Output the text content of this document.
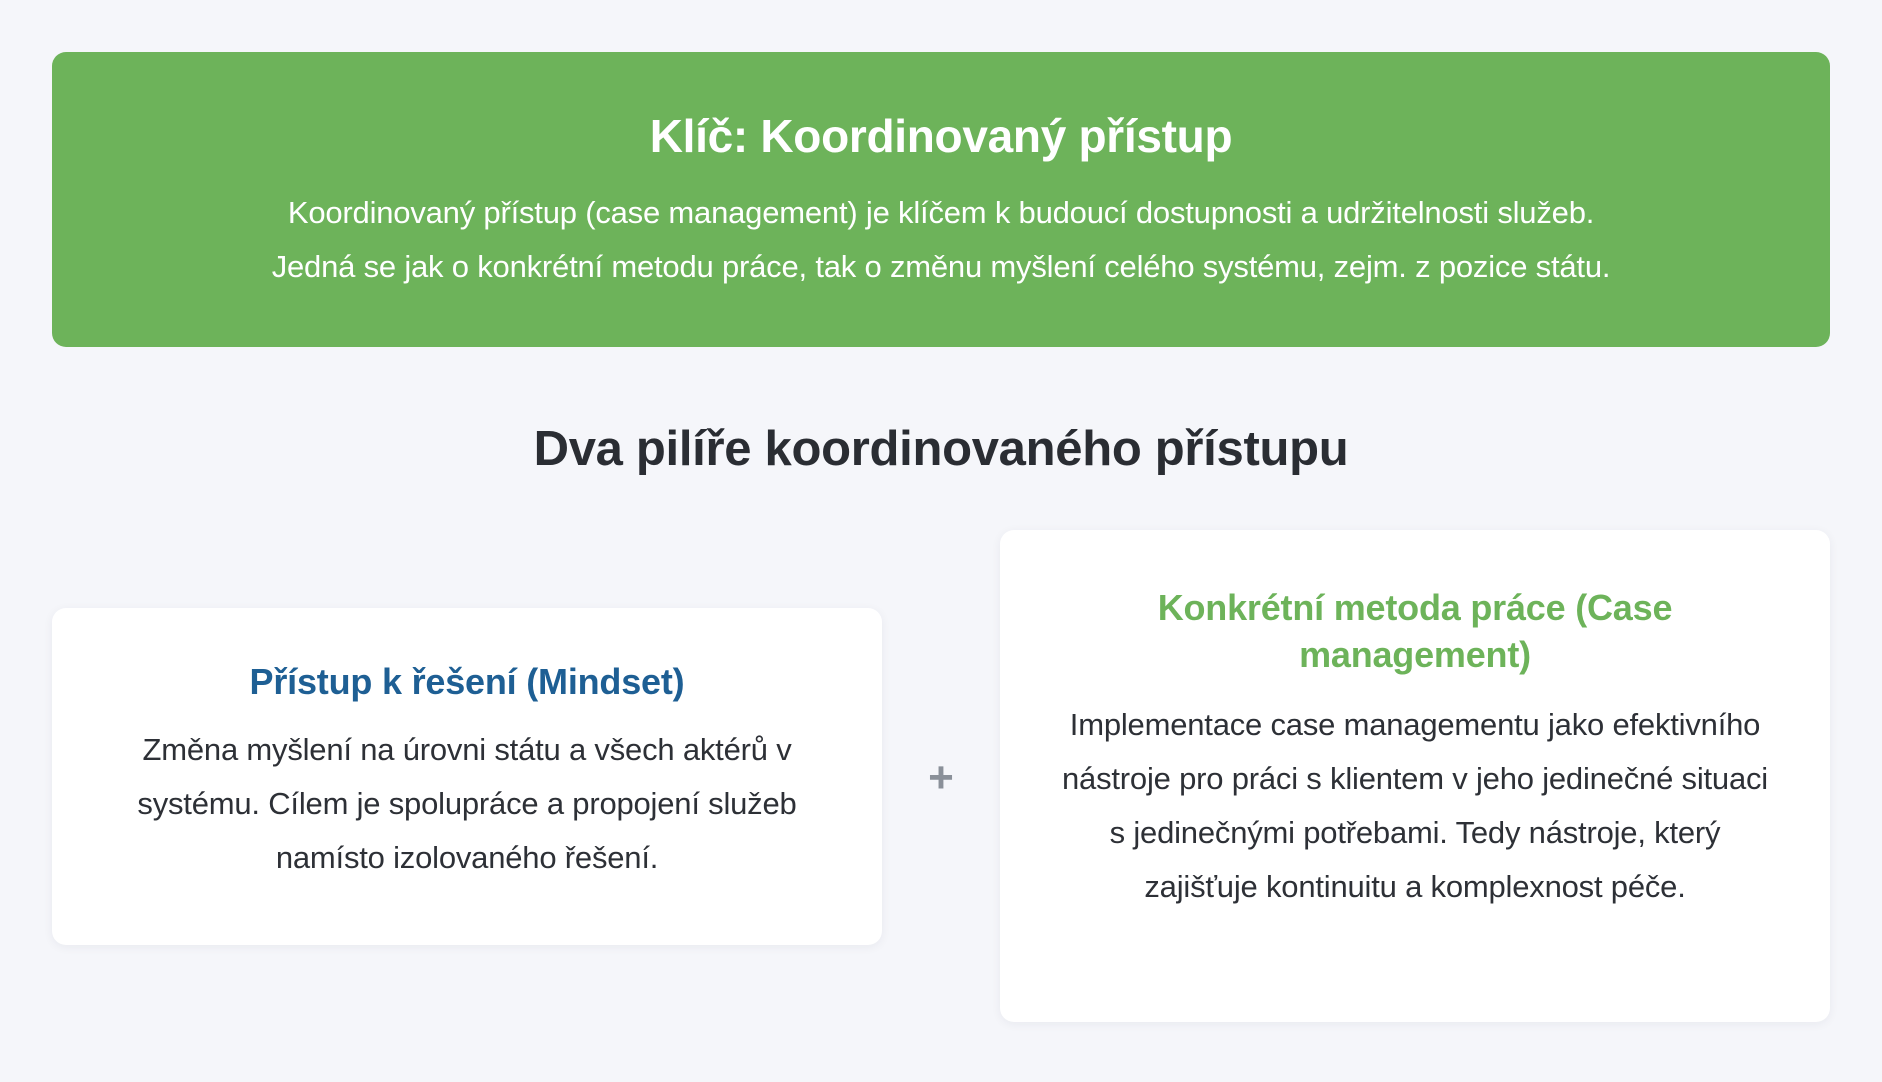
Klíč: Koordinovaný přístup

Koordinovaný přístup (case management) je klíčem k budoucí dostupnosti a udržitelnosti služeb.
Jedná se jak o konkrétní metodu práce, tak o změnu myšlení celého systému, zejm. z pozice státu.

Dva pilíře koordinovaného přístupu
Přístup k řešení (Mindset)

Změna myšlení na úrovni státu a všech aktérů v systému. Cílem je spolupráce a propojení služeb namísto izolovaného řešení.

+
Konkrétní metoda práce (Case management)

Implementace case managementu jako efektivního nástroje pro práci s klientem v jeho jedinečné situaci s jedinečnými potřebami. Tedy nástroje, který zajišťuje kontinuitu a komplexnost péče.
